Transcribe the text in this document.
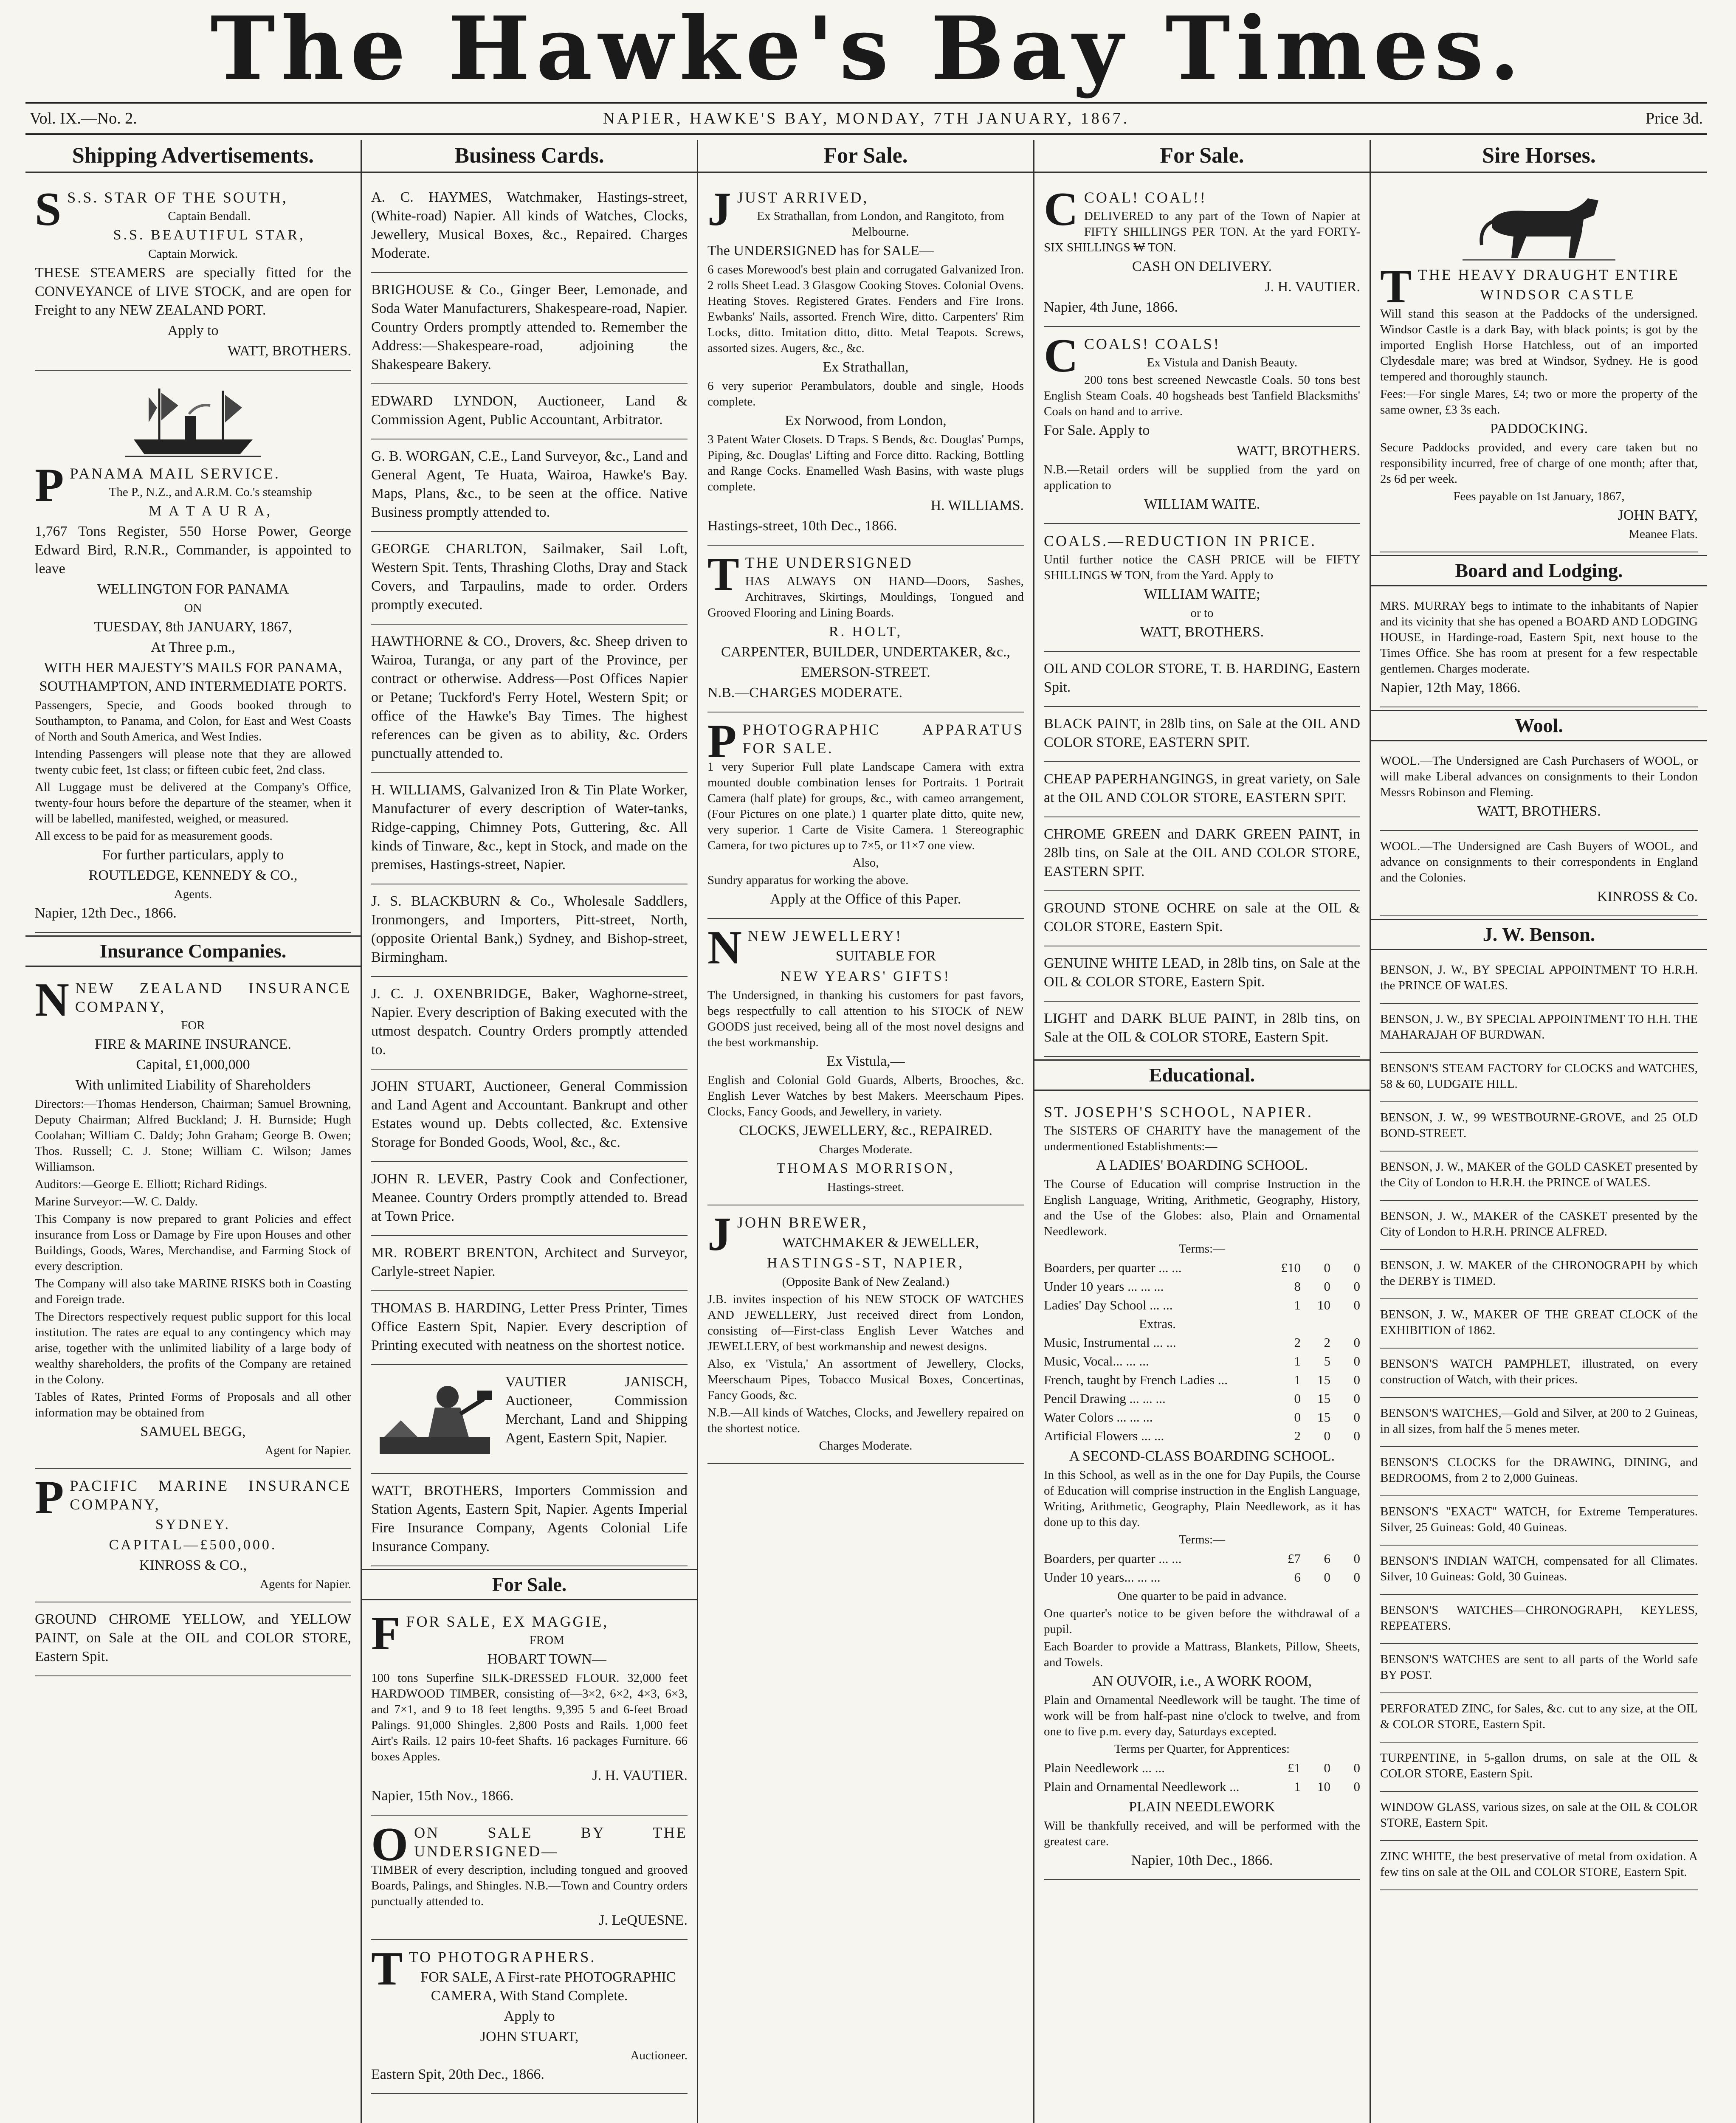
The Hawke's Bay Times.
Vol. IX.—No. 2.	NAPIER, HAWKE'S BAY, MONDAY, 7TH JANUARY, 1867.	Price 3d.
Shipping Advertisements.

S S.S. STAR OF THE SOUTH,

Captain Bendall.

S.S. BEAUTIFUL STAR,

Captain Morwick.

THESE STEAMERS are specially fitted for the CONVEYANCE of LIVE STOCK, and are open for Freight to any NEW ZEALAND PORT.

Apply to

WATT, BROTHERS.

PPANAMA MAIL SERVICE.

The P., N.Z., and A.R.M. Co.'s steamship

M A T A U R A,

1,767 Tons Register, 550 Horse Power, George Edward Bird, R.N.R., Commander, is appointed to leave

WELLINGTON FOR PANAMA

ON

TUESDAY, 8th JANUARY, 1867,

At Three p.m.,

WITH HER MAJESTY'S MAILS FOR PANAMA, SOUTHAMPTON, AND INTERMEDIATE PORTS.

Passengers, Specie, and Goods booked through to Southampton, to Panama, and Colon, for East and West Coasts of North and South America, and West Indies.

Intending Passengers will please note that they are allowed twenty cubic feet, 1st class; or fifteen cubic feet, 2nd class.

All Luggage must be delivered at the Company's Office, twenty-four hours before the departure of the steamer, when it will be labelled, manifested, weighed, or measured.

All excess to be paid for as measurement goods.

For further particulars, apply to

ROUTLEDGE, KENNEDY & CO.,

Agents.

Napier, 12th Dec., 1866.

Insurance Companies.

NNEW ZEALAND INSURANCE COMPANY,

FOR

FIRE & MARINE INSURANCE.

Capital, £1,000,000

With unlimited Liability of Shareholders

Directors:—Thomas Henderson, Chairman; Samuel Browning, Deputy Chairman; Alfred Buckland; J. H. Burnside; Hugh Coolahan; William C. Daldy; John Graham; George B. Owen; Thos. Russell; C. J. Stone; William C. Wilson; James Williamson.

Auditors:—George E. Elliott; Richard Ridings.

Marine Surveyor:—W. C. Daldy.

This Company is now prepared to grant Policies and effect insurance from Loss or Damage by Fire upon Houses and other Buildings, Goods, Wares, Merchandise, and Farming Stock of every description.

The Company will also take MARINE RISKS both in Coasting and Foreign trade.

The Directors respectively request public support for this local institution. The rates are equal to any contingency which may arise, together with the unlimited liability of a large body of wealthy shareholders, the profits of the Company are retained in the Colony.

Tables of Rates, Printed Forms of Proposals and all other information may be obtained from

SAMUEL BEGG,

Agent for Napier.

PPACIFIC MARINE INSURANCE COMPANY,

SYDNEY.

CAPITAL—£500,000.

KINROSS & CO.,

Agents for Napier.

GROUND CHROME YELLOW, and YELLOW PAINT, on Sale at the OIL and COLOR STORE, Eastern Spit.

Business Cards.

A. C. HAYMES, Watchmaker, Hastings-street, (White-road) Napier. All kinds of Watches, Clocks, Jewellery, Musical Boxes, &c., Repaired. Charges Moderate.

BRIGHOUSE & Co., Ginger Beer, Lemonade, and Soda Water Manufacturers, Shakespeare-road, Napier. Country Orders promptly attended to. Remember the Address:—Shakespeare-road, adjoining the Shakespeare Bakery.

EDWARD LYNDON, Auctioneer, Land & Commission Agent, Public Accountant, Arbitrator.

G. B. WORGAN, C.E., Land Surveyor, &c., Land and General Agent, Te Huata, Wairoa, Hawke's Bay. Maps, Plans, &c., to be seen at the office. Native Business promptly attended to.

GEORGE CHARLTON, Sailmaker, Sail Loft, Western Spit. Tents, Thrashing Cloths, Dray and Stack Covers, and Tarpaulins, made to order. Orders promptly executed.

HAWTHORNE & CO., Drovers, &c. Sheep driven to Wairoa, Turanga, or any part of the Province, per contract or otherwise. Address—Post Offices Napier or Petane; Tuckford's Ferry Hotel, Western Spit; or office of the Hawke's Bay Times. The highest references can be given as to ability, &c. Orders punctually attended to.

H. WILLIAMS, Galvanized Iron & Tin Plate Worker, Manufacturer of every description of Water-tanks, Ridge-capping, Chimney Pots, Guttering, &c. All kinds of Tinware, &c., kept in Stock, and made on the premises, Hastings-street, Napier.

J. S. BLACKBURN & Co., Wholesale Saddlers, Ironmongers, and Importers, Pitt-street, North, (opposite Oriental Bank,) Sydney, and Bishop-street, Birmingham.

J. C. J. OXENBRIDGE, Baker, Waghorne-street, Napier. Every description of Baking executed with the utmost despatch. Country Orders promptly attended to.

JOHN STUART, Auctioneer, General Commission and Land Agent and Accountant. Bankrupt and other Estates wound up. Debts collected, &c. Extensive Storage for Bonded Goods, Wool, &c., &c.

JOHN R. LEVER, Pastry Cook and Confectioner, Meanee. Country Orders promptly attended to. Bread at Town Price.

MR. ROBERT BRENTON, Architect and Surveyor, Carlyle-street Napier.

THOMAS B. HARDING, Letter Press Printer, Times Office Eastern Spit, Napier. Every description of Printing executed with neatness on the shortest notice.

VAUTIER JANISCH, Auctioneer, Commission Merchant, Land and Shipping Agent, Eastern Spit, Napier.

WATT, BROTHERS, Importers Commission and Station Agents, Eastern Spit, Napier. Agents Imperial Fire Insurance Company, Agents Colonial Life Insurance Company.

For Sale.

FFOR SALE, EX MAGGIE,

FROM

HOBART TOWN—

100 tons Superfine SILK-DRESSED FLOUR. 32,000 feet HARDWOOD TIMBER, consisting of—3×2, 6×2, 4×3, 6×3, and 7×1, and 9 to 18 feet lengths. 9,395 5 and 6-feet Broad Palings. 91,000 Shingles. 2,800 Posts and Rails. 1,000 feet Airt's Rails. 12 pairs 10-feet Shafts. 16 packages Furniture. 66 boxes Apples.

J. H. VAUTIER.

Napier, 15th Nov., 1866.

OON SALE BY THE UNDERSIGNED—

TIMBER of every description, including tongued and grooved Boards, Palings, and Shingles. N.B.—Town and Country orders punctually attended to.

J. LeQUESNE.

TTO PHOTOGRAPHERS.

FOR SALE, A First-rate PHOTOGRAPHIC CAMERA, With Stand Complete.

Apply to

JOHN STUART,

Auctioneer.

Eastern Spit, 20th Dec., 1866.

For Sale.

JJUST ARRIVED,

Ex Strathallan, from London, and Rangitoto, from Melbourne.

The UNDERSIGNED has for SALE—

6 cases Morewood's best plain and corrugated Galvanized Iron. 2 rolls Sheet Lead. 3 Glasgow Cooking Stoves. Colonial Ovens. Heating Stoves. Registered Grates. Fenders and Fire Irons. Ewbanks' Nails, assorted. French Wire, ditto. Carpenters' Rim Locks, ditto. Imitation ditto, ditto. Metal Teapots. Screws, assorted sizes. Augers, &c., &c.

Ex Strathallan,

6 very superior Perambulators, double and single, Hoods complete.

Ex Norwood, from London,

3 Patent Water Closets. D Traps. S Bends, &c. Douglas' Pumps, Piping, &c. Douglas' Lifting and Force ditto. Racking, Bottling and Range Cocks. Enamelled Wash Basins, with waste plugs complete.

H. WILLIAMS.

Hastings-street, 10th Dec., 1866.

TTHE UNDERSIGNED

HAS ALWAYS ON HAND—Doors, Sashes, Architraves, Skirtings, Mouldings, Tongued and Grooved Flooring and Lining Boards.

R. HOLT,

CARPENTER, BUILDER, UNDERTAKER, &c.,

EMERSON-STREET.

N.B.—CHARGES MODERATE.

PPHOTOGRAPHIC APPARATUS FOR SALE.

1 very Superior Full plate Landscape Camera with extra mounted double combination lenses for Portraits. 1 Portrait Camera (half plate) for groups, &c., with cameo arrangement, (Four Pictures on one plate.) 1 quarter plate ditto, quite new, very superior. 1 Carte de Visite Camera. 1 Stereographic Camera, for two pictures up to 7×5, or 11×7 one view.

Also,

Sundry apparatus for working the above.

Apply at the Office of this Paper.

NNEW JEWELLERY!

SUITABLE FOR

NEW YEARS' GIFTS!

The Undersigned, in thanking his customers for past favors, begs respectfully to call attention to his STOCK of NEW GOODS just received, being all of the most novel designs and the best workmanship.

Ex Vistula,—

English and Colonial Gold Guards, Alberts, Brooches, &c. English Lever Watches by best Makers. Meerschaum Pipes. Clocks, Fancy Goods, and Jewellery, in variety.

CLOCKS, JEWELLERY, &c., REPAIRED.

Charges Moderate.

THOMAS MORRISON,

Hastings-street.

JJOHN BREWER,

WATCHMAKER & JEWELLER,

HASTINGS-ST, NAPIER,

(Opposite Bank of New Zealand.)

J.B. invites inspection of his NEW STOCK OF WATCHES AND JEWELLERY, Just received direct from London, consisting of—First-class English Lever Watches and JEWELLERY, of best workmanship and newest designs.

Also, ex 'Vistula,' An assortment of Jewellery, Clocks, Meerschaum Pipes, Tobacco Musical Boxes, Concertinas, Fancy Goods, &c.

N.B.—All kinds of Watches, Clocks, and Jewellery repaired on the shortest notice.

Charges Moderate.

For Sale.

CCOAL! COAL!!

DELIVERED to any part of the Town of Napier at FIFTY SHILLINGS PER TON. At the yard FORTY-SIX SHILLINGS ₩ TON.

CASH ON DELIVERY.

J. H. VAUTIER.

Napier, 4th June, 1866.

CCOALS! COALS!

Ex Vistula and Danish Beauty.

200 tons best screened Newcastle Coals. 50 tons best English Steam Coals. 40 hogsheads best Tanfield Blacksmiths' Coals on hand and to arrive.

For Sale. Apply to

WATT, BROTHERS.

N.B.—Retail orders will be supplied from the yard on application to

WILLIAM WAITE.

COALS.—REDUCTION IN PRICE.

Until further notice the CASH PRICE will be FIFTY SHILLINGS ₩ TON, from the Yard. Apply to

WILLIAM WAITE;

or to

WATT, BROTHERS.

OIL AND COLOR STORE, T. B. HARDING, Eastern Spit.

BLACK PAINT, in 28lb tins, on Sale at the OIL AND COLOR STORE, EASTERN SPIT.

CHEAP PAPERHANGINGS, in great variety, on Sale at the OIL AND COLOR STORE, EASTERN SPIT.

CHROME GREEN and DARK GREEN PAINT, in 28lb tins, on Sale at the OIL AND COLOR STORE, EASTERN SPIT.

GROUND STONE OCHRE on sale at the OIL & COLOR STORE, Eastern Spit.

GENUINE WHITE LEAD, in 28lb tins, on Sale at the OIL & COLOR STORE, Eastern Spit.

LIGHT and DARK BLUE PAINT, in 28lb tins, on Sale at the OIL & COLOR STORE, Eastern Spit.

Educational.

ST. JOSEPH'S SCHOOL, NAPIER.

The SISTERS OF CHARITY have the management of the undermentioned Establishments:—

A LADIES' BOARDING SCHOOL.

The Course of Education will comprise Instruction in the English Language, Writing, Arithmetic, Geography, History, and the Use of the Globes: also, Plain and Ornamental Needlework.

Terms:—

Boarders, per quarter ... ...	£10	0	0
Under 10 years ... ... ...	8	0	0
Ladies' Day School ... ...	1	10	0
Extras.			
Music, Instrumental ... ...	2	2	0
Music, Vocal... ... ...	1	5	0
French, taught by French Ladies ...	1	15	0
Pencil Drawing ... ... ...	0	15	0
Water Colors ... ... ...	0	15	0
Artificial Flowers ... ...	2	0	0

A SECOND-CLASS BOARDING SCHOOL.

In this School, as well as in the one for Day Pupils, the Course of Education will comprise instruction in the English Language, Writing, Arithmetic, Geography, Plain Needlework, as it has done up to this day.

Terms:—

Boarders, per quarter ... ...	£7	6	0
Under 10 years... ... ...	6	0	0

One quarter to be paid in advance.

One quarter's notice to be given before the withdrawal of a pupil.

Each Boarder to provide a Mattrass, Blankets, Pillow, Sheets, and Towels.

AN OUVOIR, i.e., A WORK ROOM,

Plain and Ornamental Needlework will be taught. The time of work will be from half-past nine o'clock to twelve, and from one to five p.m. every day, Saturdays excepted.

Terms per Quarter, for Apprentices:

Plain Needlework ... ...	£1	0	0
Plain and Ornamental Needlework ...	1	10	0

PLAIN NEEDLEWORK

Will be thankfully received, and will be performed with the greatest care.

Napier, 10th Dec., 1866.

Sire Horses.

TTHE HEAVY DRAUGHT ENTIRE

WINDSOR CASTLE

Will stand this season at the Paddocks of the undersigned. Windsor Castle is a dark Bay, with black points; is got by the imported English Horse Hatchless, out of an imported Clydesdale mare; was bred at Windsor, Sydney. He is good tempered and thoroughly staunch.

Fees:—For single Mares, £4; two or more the property of the same owner, £3 3s each.

PADDOCKING.

Secure Paddocks provided, and every care taken but no responsibility incurred, free of charge of one month; after that, 2s 6d per week.

Fees payable on 1st January, 1867,

JOHN BATY,

Meanee Flats.

Board and Lodging.

MRS. MURRAY begs to intimate to the inhabitants of Napier and its vicinity that she has opened a BOARD AND LODGING HOUSE, in Hardinge-road, Eastern Spit, next house to the Times Office. She has room at present for a few respectable gentlemen. Charges moderate.

Napier, 12th May, 1866.

Wool.

WOOL.—The Undersigned are Cash Purchasers of WOOL, or will make Liberal advances on consignments to their London Messrs Robinson and Fleming.

WATT, BROTHERS.

WOOL.—The Undersigned are Cash Buyers of WOOL, and advance on consignments to their correspondents in England and the Colonies.

KINROSS & Co.

J. W. Benson.

BENSON, J. W., BY SPECIAL APPOINTMENT TO H.R.H. the PRINCE OF WALES.

BENSON, J. W., BY SPECIAL APPOINTMENT TO H.H. THE MAHARAJAH OF BURDWAN.

BENSON'S STEAM FACTORY for CLOCKS and WATCHES, 58 & 60, LUDGATE HILL.

BENSON, J. W., 99 WESTBOURNE-GROVE, and 25 OLD BOND-STREET.

BENSON, J. W., MAKER of the GOLD CASKET presented by the City of London to H.R.H. the PRINCE of WALES.

BENSON, J. W., MAKER of the CASKET presented by the City of London to H.R.H. PRINCE ALFRED.

BENSON, J. W. MAKER of the CHRONOGRAPH by which the DERBY is TIMED.

BENSON, J. W., MAKER OF THE GREAT CLOCK of the EXHIBITION of 1862.

BENSON'S WATCH PAMPHLET, illustrated, on every construction of Watch, with their prices.

BENSON'S WATCHES,—Gold and Silver, at 200 to 2 Guineas, in all sizes, from half the 5 menes meter.

BENSON'S CLOCKS for the DRAWING, DINING, and BEDROOMS, from 2 to 2,000 Guineas.

BENSON'S "EXACT" WATCH, for Extreme Temperatures. Silver, 25 Guineas: Gold, 40 Guineas.

BENSON'S INDIAN WATCH, compensated for all Climates. Silver, 10 Guineas: Gold, 30 Guineas.

BENSON'S WATCHES—CHRONOGRAPH, KEYLESS, REPEATERS.

BENSON'S WATCHES are sent to all parts of the World safe BY POST.

PERFORATED ZINC, for Sales, &c. cut to any size, at the OIL & COLOR STORE, Eastern Spit.

TURPENTINE, in 5-gallon drums, on sale at the OIL & COLOR STORE, Eastern Spit.

WINDOW GLASS, various sizes, on sale at the OIL & COLOR STORE, Eastern Spit.

ZINC WHITE, the best preservative of metal from oxidation. A few tins on sale at the OIL and COLOR STORE, Eastern Spit.
